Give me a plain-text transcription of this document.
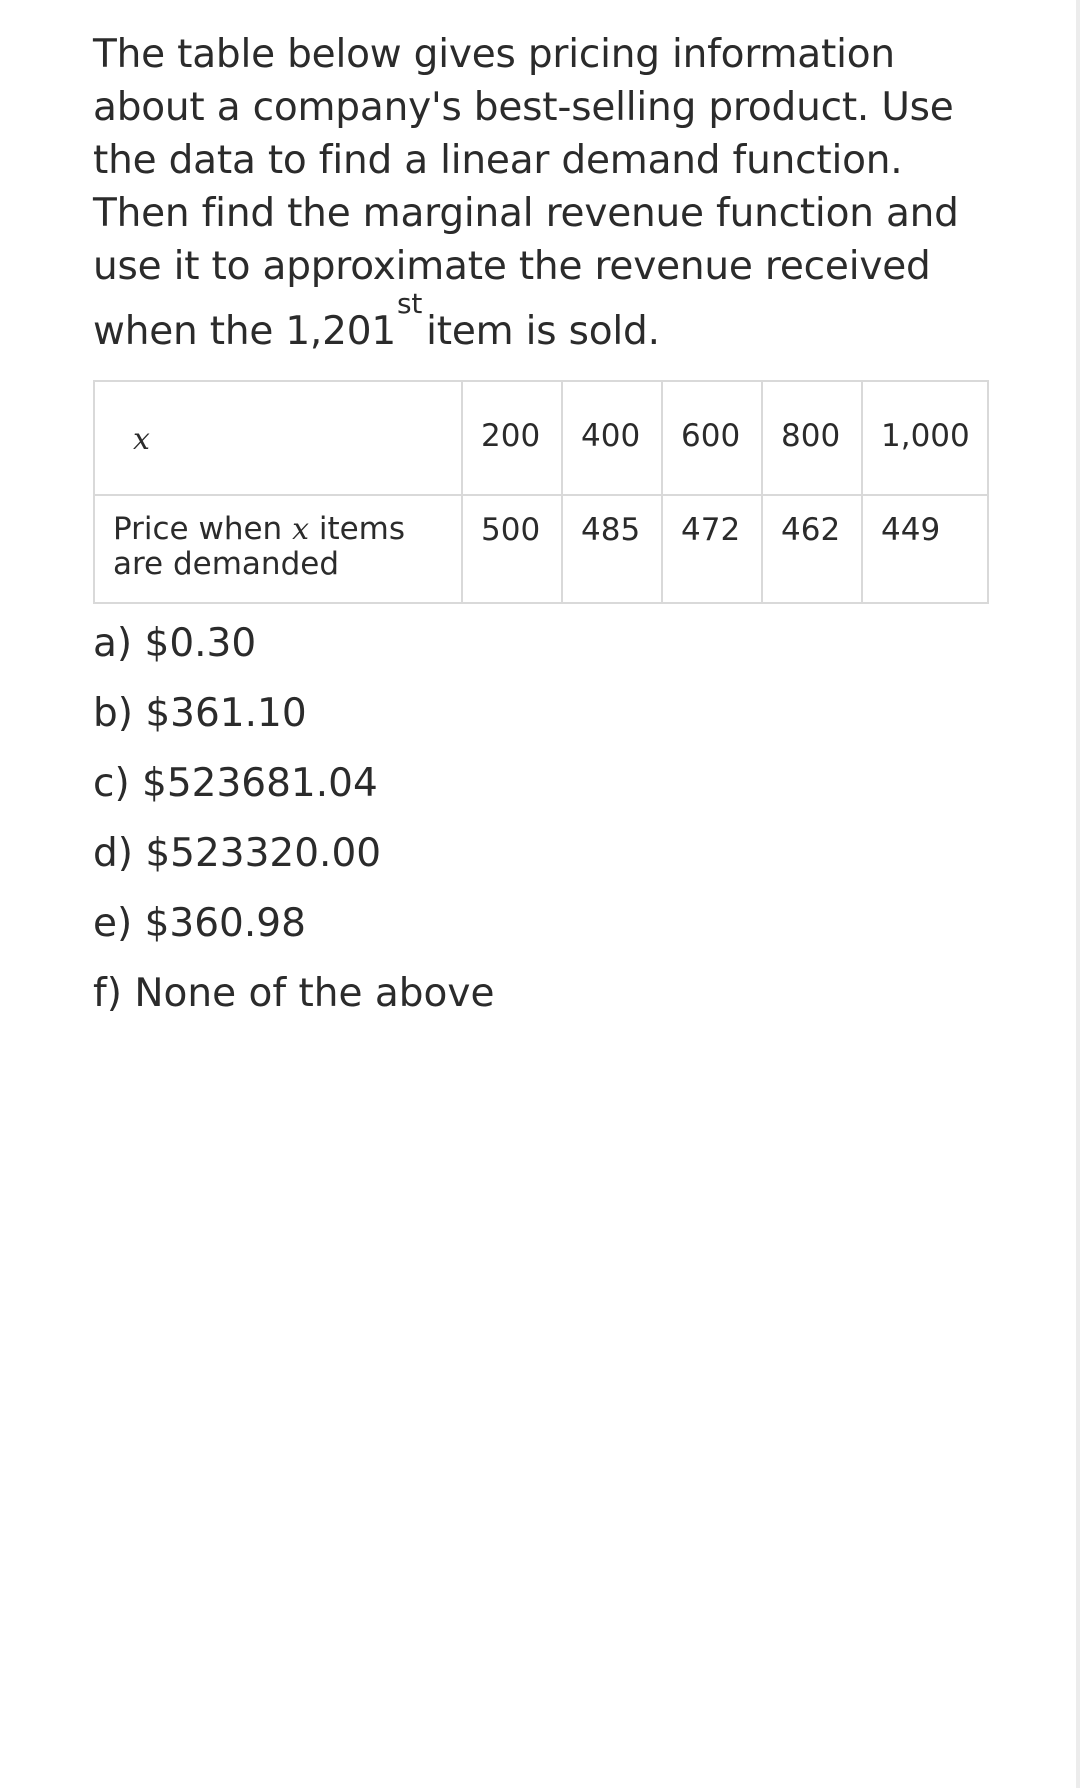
The table below gives pricing information
about a company's best-selling product. Use
the data to find a linear demand function.
Then find the marginal revenue function and
use it to approximate the revenue received
when the 1,201stitem is sold.
x	200	400	600	800	1,000

Price when x items
are demanded	500	485	472	462	449
a) $0.30
b) $361.10
c) $523681.04
d) $523320.00
e) $360.98
f) None of the above
